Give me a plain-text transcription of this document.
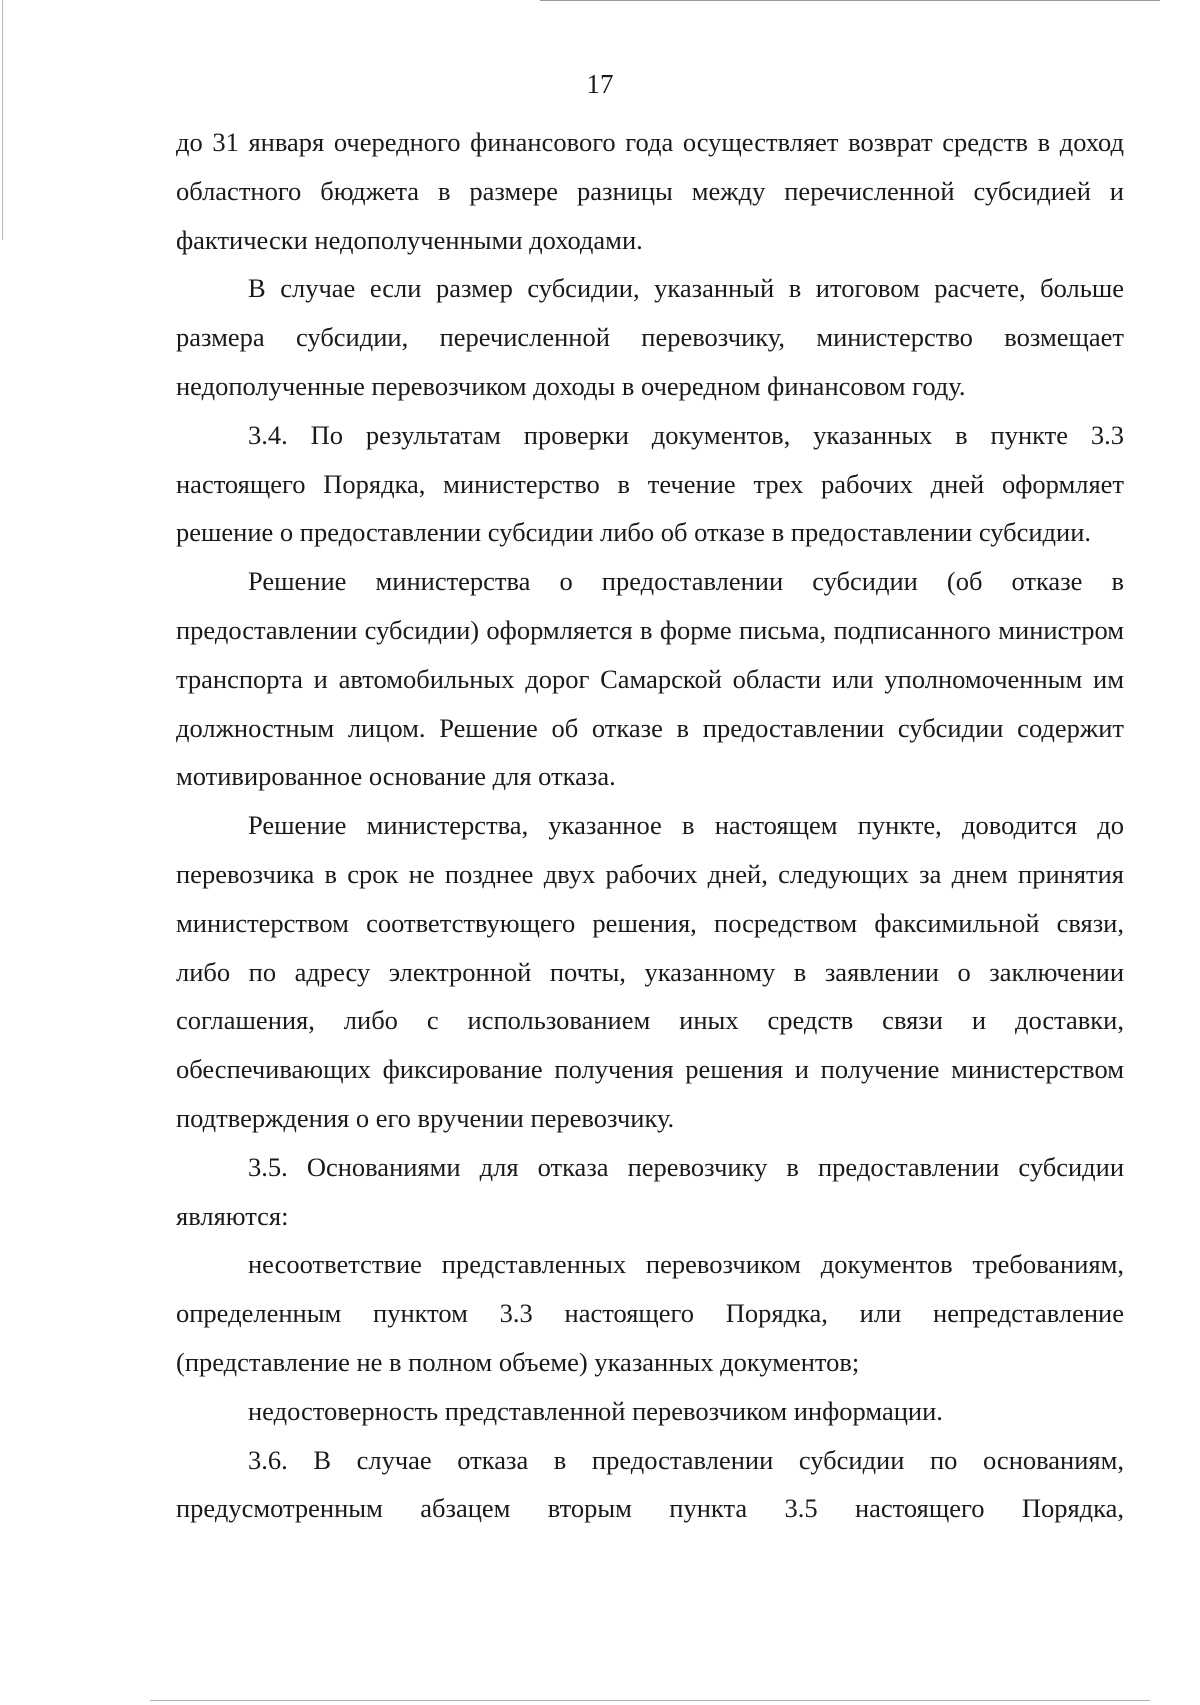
17

до 31 января очередного финансового года осуществляет возврат средств в доход областного бюджета в размере разницы между перечисленной субсидией и фактически недополученными доходами.

В случае если размер субсидии, указанный в итоговом расчете, больше размера субсидии, перечисленной перевозчику, министерство возмещает недополученные перевозчиком доходы в очередном финансовом году.

3.4. По результатам проверки документов, указанных в пункте 3.3 настоящего Порядка, министерство в течение трех рабочих дней оформляет решение о предоставлении субсидии либо об отказе в предоставлении субсидии.

Решение министерства о предоставлении субсидии (об отказе в предоставлении субсидии) оформляется в форме письма, подписанного министром транспорта и автомобильных дорог Самарской области или уполномоченным им должностным лицом. Решение об отказе в предоставлении субсидии содержит мотивированное основание для отказа.

Решение министерства, указанное в настоящем пункте, доводится до перевозчика в срок не позднее двух рабочих дней, следующих за днем принятия министерством соответствующего решения, посредством факсимильной связи, либо по адресу электронной почты, указанному в заявлении о заключении соглашения, либо с использованием иных средств связи и доставки, обеспечивающих фиксирование получения решения и получение министерством подтверждения о его вручении перевозчику.

3.5. Основаниями для отказа перевозчику в предоставлении субсидии являются:

несоответствие представленных перевозчиком документов требованиям, определенным пунктом 3.3 настоящего Порядка, или непредставление (представление не в полном объеме) указанных документов;

недостоверность представленной перевозчиком информации.

3.6. В случае отказа в предоставлении субсидии по основаниям, предусмотренным абзацем вторым пункта 3.5 настоящего Порядка,
